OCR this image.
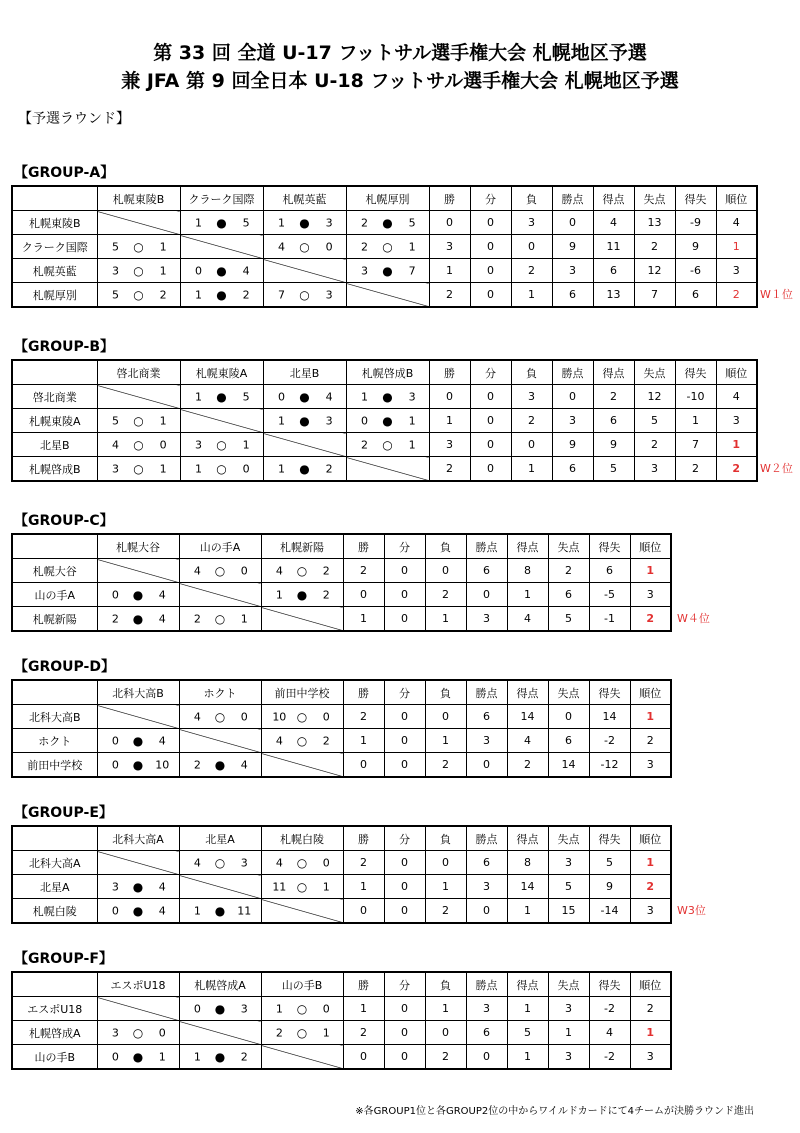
第 33 回 全道 U-17 フットサル選手権大会 札幌地区予選
兼 JFA 第 9 回全日本 U-18 フットサル選手権大会 札幌地区予選
【予選ラウンド】
【GROUP-A】
	札幌東陵B	クラーク国際	札幌英藍	札幌厚別	勝	分	負	勝点	得点	失点	得失	順位
札幌東陵B		1 ● 5	1 ● 3	2 ● 5	0	0	3	0	4	13	-9	4
クラーク国際	5 ○ 1		4 ○ 0	2 ○ 1	3	0	0	9	11	2	9	1
札幌英藍	3 ○ 1	0 ● 4		3 ● 7	1	0	2	3	6	12	-6	3
札幌厚別	5 ○ 2	1 ● 2	7 ○ 3		2	0	1	6	13	7	6	2 W１位
【GROUP-B】
	啓北商業	札幌東陵A	北星B	札幌啓成B	勝	分	負	勝点	得点	失点	得失	順位
啓北商業		1 ● 5	0 ● 4	1 ● 3	0	0	3	0	2	12	-10	4
札幌東陵A	5 ○ 1		1 ● 3	0 ● 1	1	0	2	3	6	5	1	3
北星B	4 ○ 0	3 ○ 1		2 ○ 1	3	0	0	9	9	2	7	1
札幌啓成B	3 ○ 1	1 ○ 0	1 ● 2		2	0	1	6	5	3	2	2 W２位
【GROUP-C】
	札幌大谷	山の手A	札幌新陽	勝	分	負	勝点	得点	失点	得失	順位
札幌大谷		4 ○ 0	4 ○ 2	2	0	0	6	8	2	6	1
山の手A	0 ● 4		1 ● 2	0	0	2	0	1	6	-5	3
札幌新陽	2 ● 4	2 ○ 1		1	0	1	3	4	5	-1	2 W４位
【GROUP-D】
	北科大高B	ホクト	前田中学校	勝	分	負	勝点	得点	失点	得失	順位
北科大高B		4 ○ 0	10 ○ 0	2	0	0	6	14	0	14	1
ホクト	0 ● 4		4 ○ 2	1	0	1	3	4	6	-2	2
前田中学校	0 ● 10	2 ● 4		0	0	2	0	2	14	-12	3
【GROUP-E】
	北科大高A	北星A	札幌白陵	勝	分	負	勝点	得点	失点	得失	順位
北科大高A		4 ○ 3	4 ○ 0	2	0	0	6	8	3	5	1
北星A	3 ● 4		11 ○ 1	1	0	1	3	14	5	9	2
札幌白陵	0 ● 4	1 ● 11		0	0	2	0	1	15	-14	3 W3位
【GROUP-F】
	エスポU18	札幌啓成A	山の手B	勝	分	負	勝点	得点	失点	得失	順位
エスポU18		0 ● 3	1 ○ 0	1	0	1	3	1	3	-2	2
札幌啓成A	3 ○ 0		2 ○ 1	2	0	0	6	5	1	4	1
山の手B	0 ● 1	1 ● 2		0	0	2	0	1	3	-2	3
※各GROUP1位と各GROUP2位の中からワイルドカードにて4チームが決勝ラウンド進出
